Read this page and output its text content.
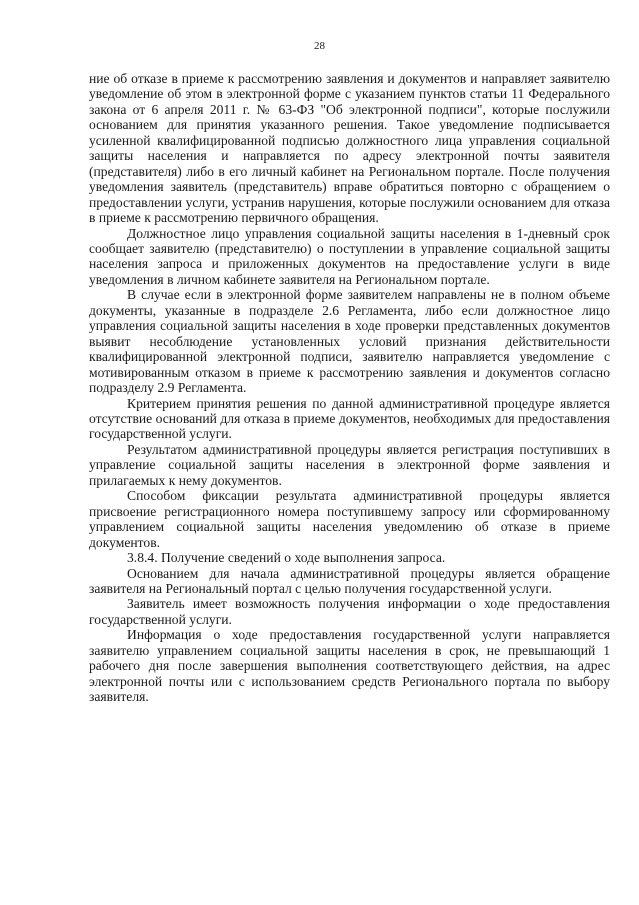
28

ние об отказе в приеме к рассмотрению заявления и документов и направляет заявителю уведомление об этом в электронной форме с указанием пунктов статьи 11 Федерального закона от 6 апреля 2011 г. № 63-ФЗ "Об электронной подписи", которые послужили основанием для принятия указанного решения. Такое уведомление подписывается усиленной квалифицированной подписью должностного лица управления социальной защиты населения и направляется по адресу электронной почты заявителя (представителя) либо в его личный кабинет на Региональном портале. После получения уведомления заявитель (представитель) вправе обратиться повторно с обращением о предоставлении услуги, устранив нарушения, которые послужили основанием для отказа в приеме к рассмотрению первичного обращения.

Должностное лицо управления социальной защиты населения в 1-дневный срок сообщает заявителю (представителю) о поступлении в управление социальной защиты населения запроса и приложенных документов на предоставление услуги в виде уведомления в личном кабинете заявителя на Региональном портале.

В случае если в электронной форме заявителем направлены не в полном объеме документы, указанные в подразделе 2.6 Регламента, либо если должностное лицо управления социальной защиты населения в ходе проверки представленных документов выявит несоблюдение установленных условий признания действительности квалифицированной электронной подписи, заявителю направляется уведомление с мотивированным отказом в приеме к рассмотрению заявления и документов согласно подразделу 2.9 Регламента.

Критерием принятия решения по данной административной процедуре является отсутствие оснований для отказа в приеме документов, необходимых для предоставления государственной услуги.

Результатом административной процедуры является регистрация поступивших в управление социальной защиты населения в электронной форме заявления и прилагаемых к нему документов.

Способом фиксации результата административной процедуры является присвоение регистрационного номера поступившему запросу или сформированному управлением социальной защиты населения уведомлению об отказе в приеме документов.

3.8.4. Получение сведений о ходе выполнения запроса.

Основанием для начала административной процедуры является обращение заявителя на Региональный портал с целью получения государственной услуги.

Заявитель имеет возможность получения информации о ходе предоставления государственной услуги.

Информация о ходе предоставления государственной услуги направляется заявителю управлением социальной защиты населения в срок, не превышающий 1 рабочего дня после завершения выполнения соответствующего действия, на адрес электронной почты или с использованием средств Регионального портала по выбору заявителя.
